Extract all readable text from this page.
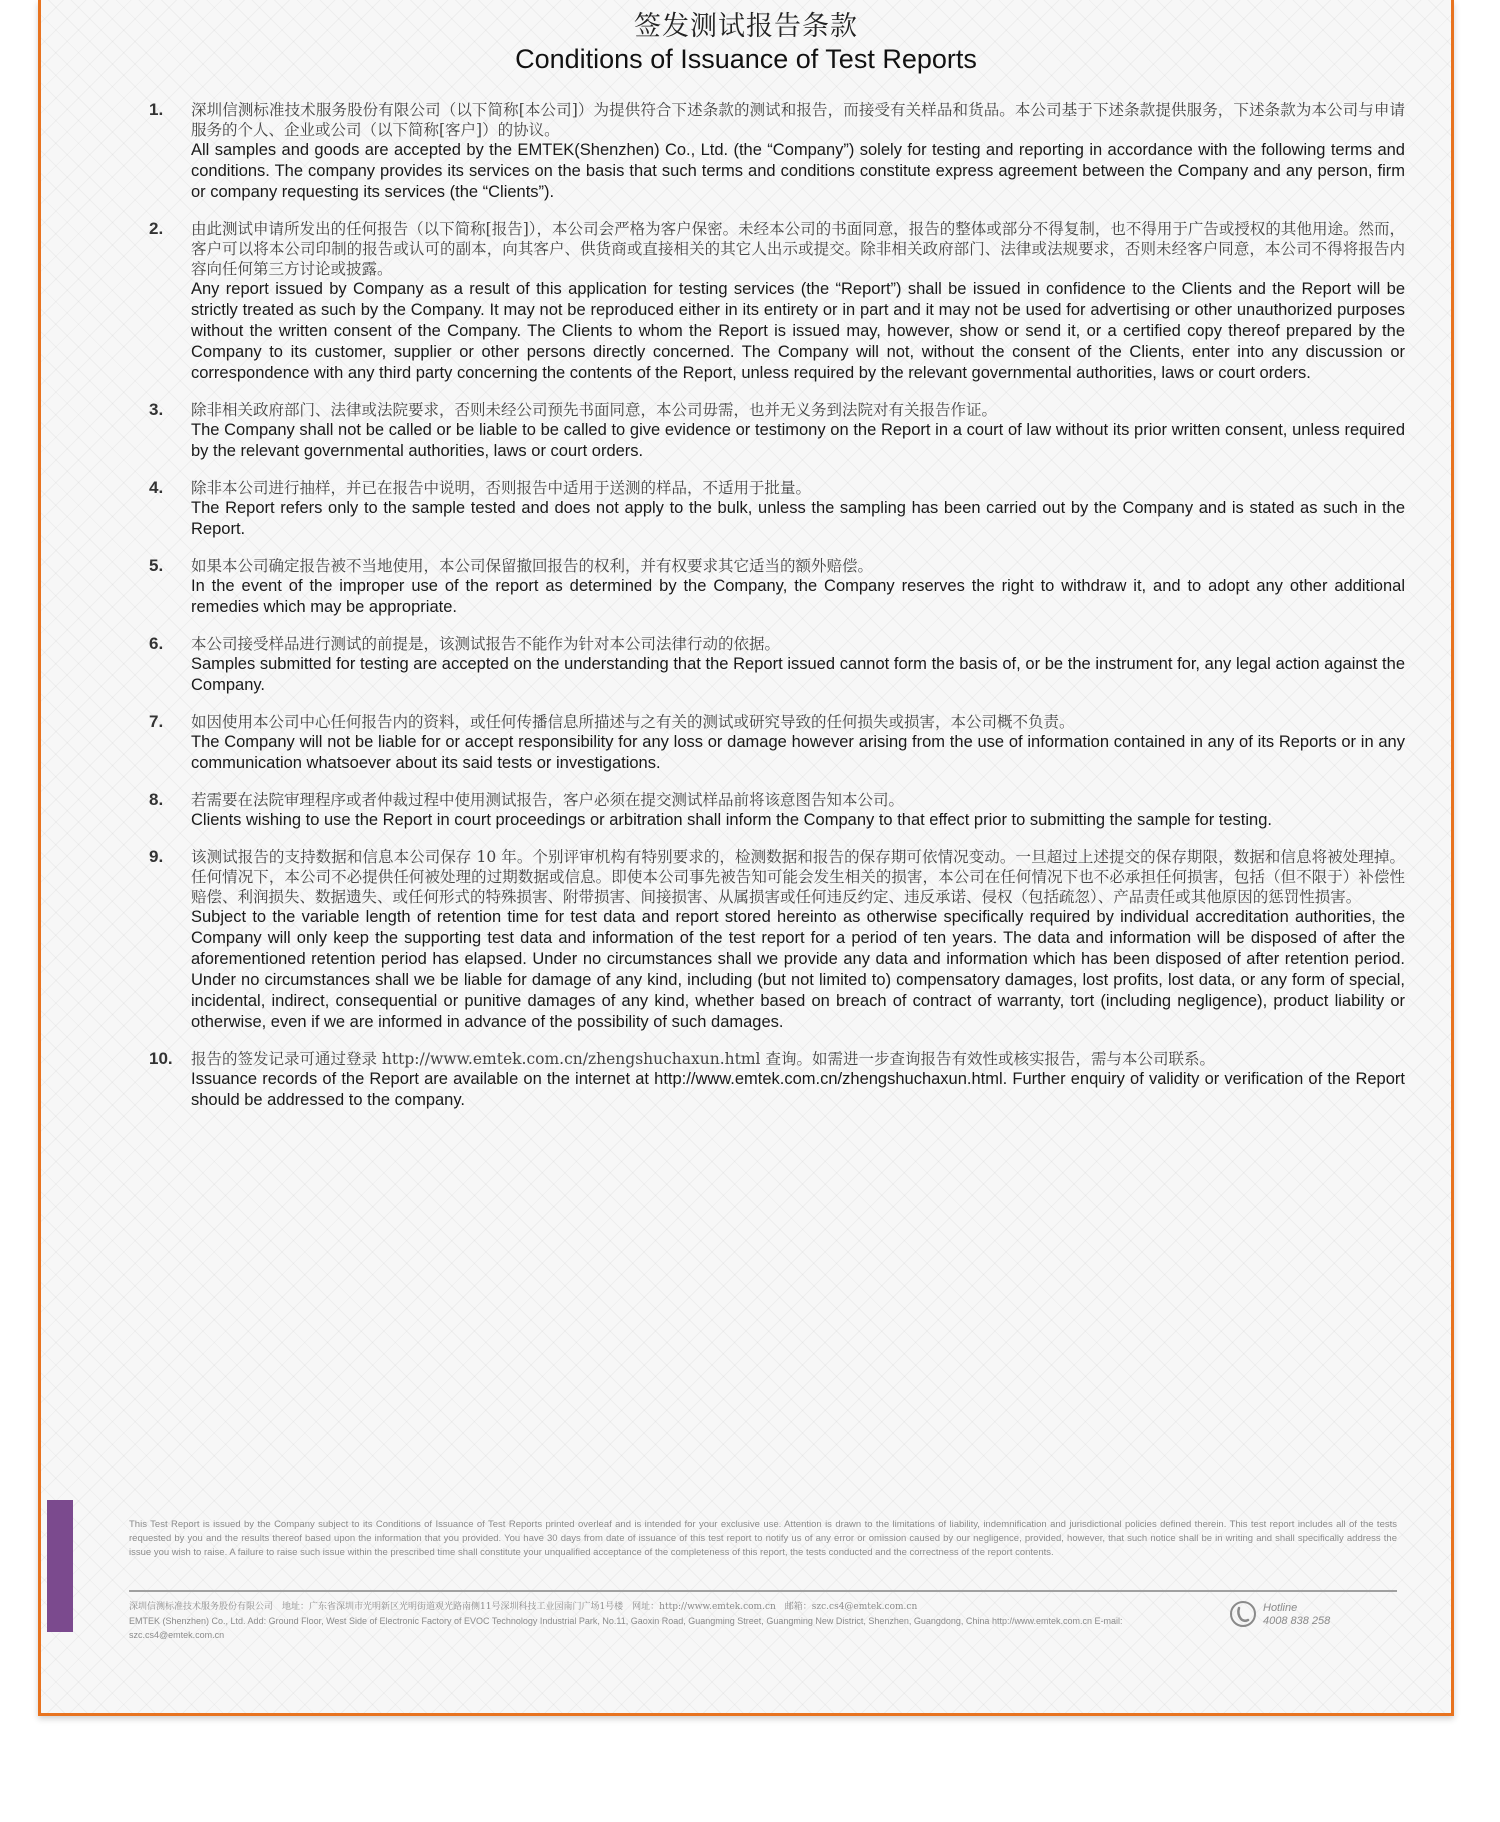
签发测试报告条款
Conditions of Issuance of Test Reports
1. 深圳信测标准技术服务股份有限公司（以下简称[本公司]）为提供符合下述条款的测试和报告，而接受有关样品和货品。本公司基于下述条款提供服务，下述条款为本公司与申请服务的个人、企业或公司（以下简称[客户]）的协议。
All samples and goods are accepted by the EMTEK(Shenzhen) Co., Ltd. (the “Company”) solely for testing and reporting in accordance with the following terms and conditions. The company provides its services on the basis that such terms and conditions constitute express agreement between the Company and any person, firm or company requesting its services (the “Clients”).
2. 由此测试申请所发出的任何报告（以下简称[报告]），本公司会严格为客户保密。未经本公司的书面同意，报告的整体或部分不得复制，也不得用于广告或授权的其他用途。然而，客户可以将本公司印制的报告或认可的副本，向其客户、供货商或直接相关的其它人出示或提交。除非相关政府部门、法律或法规要求，否则未经客户同意，本公司不得将报告内容向任何第三方讨论或披露。
Any report issued by Company as a result of this application for testing services (the “Report”) shall be issued in confidence to the Clients and the Report will be strictly treated as such by the Company. It may not be reproduced either in its entirety or in part and it may not be used for advertising or other unauthorized purposes without the written consent of the Company. The Clients to whom the Report is issued may, however, show or send it, or a certified copy thereof prepared by the Company to its customer, supplier or other persons directly concerned. The Company will not, without the consent of the Clients, enter into any discussion or correspondence with any third party concerning the contents of the Report, unless required by the relevant governmental authorities, laws or court orders.
3. 除非相关政府部门、法律或法院要求，否则未经公司预先书面同意，本公司毋需，也并无义务到法院对有关报告作证。
The Company shall not be called or be liable to be called to give evidence or testimony on the Report in a court of law without its prior written consent, unless required by the relevant governmental authorities, laws or court orders.
4. 除非本公司进行抽样，并已在报告中说明，否则报告中适用于送测的样品，不适用于批量。
The Report refers only to the sample tested and does not apply to the bulk, unless the sampling has been carried out by the Company and is stated as such in the Report.
5. 如果本公司确定报告被不当地使用，本公司保留撤回报告的权利，并有权要求其它适当的额外赔偿。
In the event of the improper use of the report as determined by the Company, the Company reserves the right to withdraw it, and to adopt any other additional remedies which may be appropriate.
6. 本公司接受样品进行测试的前提是，该测试报告不能作为针对本公司法律行动的依据。
Samples submitted for testing are accepted on the understanding that the Report issued cannot form the basis of, or be the instrument for, any legal action against the Company.
7. 如因使用本公司中心任何报告内的资料，或任何传播信息所描述与之有关的测试或研究导致的任何损失或损害，本公司概不负责。
The Company will not be liable for or accept responsibility for any loss or damage however arising from the use of information contained in any of its Reports or in any communication whatsoever about its said tests or investigations.
8. 若需要在法院审理程序或者仲裁过程中使用测试报告，客户必须在提交测试样品前将该意图告知本公司。
Clients wishing to use the Report in court proceedings or arbitration shall inform the Company to that effect prior to submitting the sample for testing.
9. 该测试报告的支持数据和信息本公司保存 10 年。个别评审机构有特别要求的，检测数据和报告的保存期可依情况变动。一旦超过上述提交的保存期限，数据和信息将被处理掉。任何情况下，本公司不必提供任何被处理的过期数据或信息。即使本公司事先被告知可能会发生相关的损害，本公司在任何情况下也不必承担任何损害，包括（但不限于）补偿性赔偿、利润损失、数据遗失、或任何形式的特殊损害、附带损害、间接损害、从属损害或任何违反约定、违反承诺、侵权（包括疏忽）、产品责任或其他原因的惩罚性损害。
Subject to the variable length of retention time for test data and report stored hereinto as otherwise specifically required by individual accreditation authorities, the Company will only keep the supporting test data and information of the test report for a period of ten years. The data and information will be disposed of after the aforementioned retention period has elapsed. Under no circumstances shall we provide any data and information which has been disposed of after retention period. Under no circumstances shall we be liable for damage of any kind, including (but not limited to) compensatory damages, lost profits, lost data, or any form of special, incidental, indirect, consequential or punitive damages of any kind, whether based on breach of contract of warranty, tort (including negligence), product liability or otherwise, even if we are informed in advance of the possibility of such damages.
10. 报告的签发记录可通过登录 http://www.emtek.com.cn/zhengshuchaxun.html 查询。如需进一步查询报告有效性或核实报告，需与本公司联系。
Issuance records of the Report are available on the internet at http://www.emtek.com.cn/zhengshuchaxun.html. Further enquiry of validity or verification of the Report should be addressed to the company.
This Test Report is issued by the Company subject to its Conditions of Issuance of Test Reports printed overleaf and is intended for your exclusive use. Attention is drawn to the limitations of liability, indemnification and jurisdictional policies defined therein. This test report includes all of the tests requested by you and the results thereof based upon the information that you provided. You have 30 days from date of issuance of this test report to notify us of any error or omission caused by our negligence, provided, however, that such notice shall be in writing and shall specifically address the issue you wish to raise. A failure to raise such issue within the prescribed time shall constitute your unqualified acceptance of the completeness of this report, the tests conducted and the correctness of the report contents.
深圳信测标准技术服务股份有限公司　地址：广东省深圳市光明新区光明街道观光路南侧11号深圳科技工业园南门广场1号楼　网址：http://www.emtek.com.cn　邮箱：szc.cs4@emtek.com.cn
EMTEK (Shenzhen) Co., Ltd. Add: Ground Floor, West Side of Electronic Factory of EVOC Technology Industrial Park, No.11, Gaoxin Road, Guangming Street, Guangming New District, Shenzhen, Guangdong, China http://www.emtek.com.cn E-mail: szc.cs4@emtek.com.cn
Hotline
4008 838 258
